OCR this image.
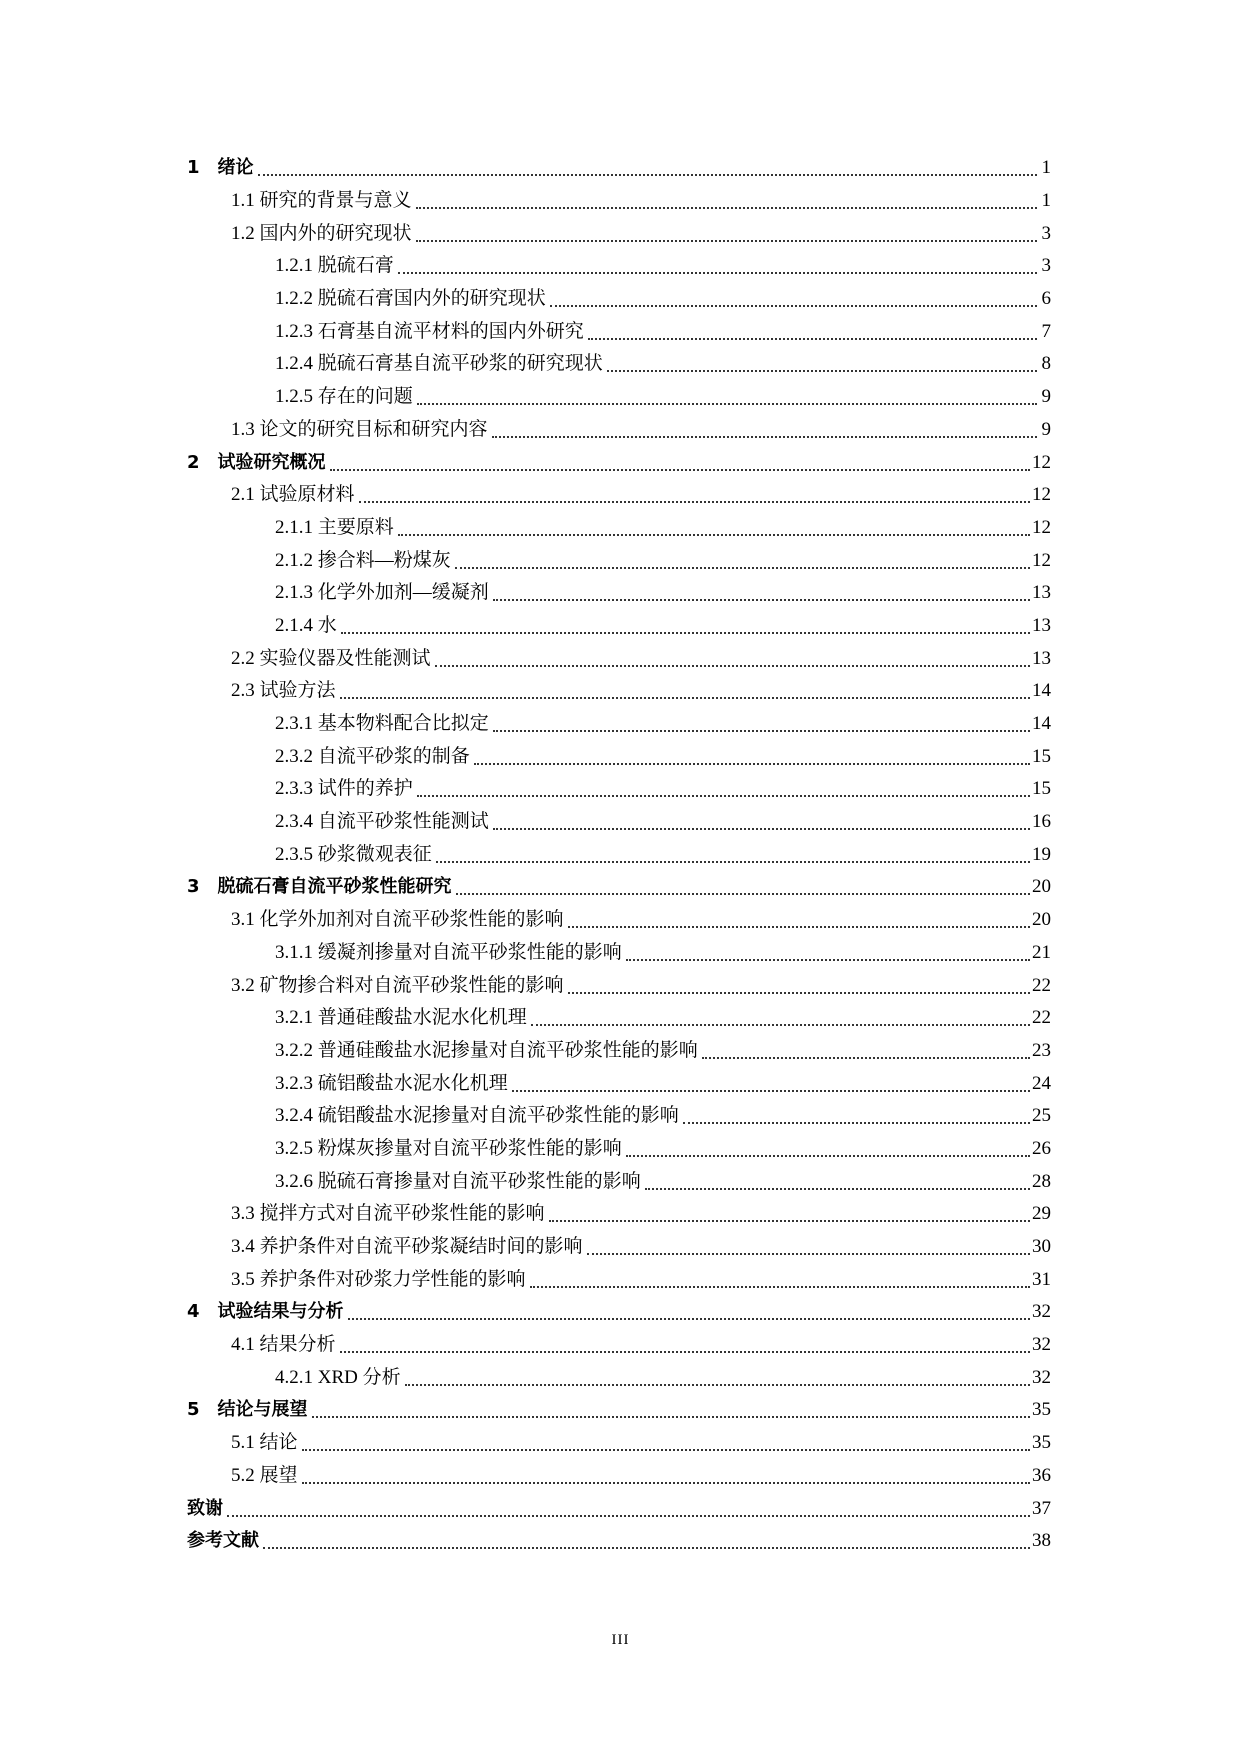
1　绪论	1
1.1 研究的背景与意义	1
1.2 国内外的研究现状	3
1.2.1 脱硫石膏	3
1.2.2 脱硫石膏国内外的研究现状	6
1.2.3 石膏基自流平材料的国内外研究	7
1.2.4 脱硫石膏基自流平砂浆的研究现状	8
1.2.5 存在的问题	9
1.3 论文的研究目标和研究内容	9
2　试验研究概况	12
2.1 试验原材料	12
2.1.1 主要原料	12
2.1.2 掺合料—粉煤灰	12
2.1.3 化学外加剂—缓凝剂	13
2.1.4 水	13
2.2 实验仪器及性能测试	13
2.3 试验方法	14
2.3.1 基本物料配合比拟定	14
2.3.2 自流平砂浆的制备	15
2.3.3 试件的养护	15
2.3.4 自流平砂浆性能测试	16
2.3.5 砂浆微观表征	19
3　脱硫石膏自流平砂浆性能研究	20
3.1 化学外加剂对自流平砂浆性能的影响	20
3.1.1 缓凝剂掺量对自流平砂浆性能的影响	21
3.2 矿物掺合料对自流平砂浆性能的影响	22
3.2.1 普通硅酸盐水泥水化机理	22
3.2.2 普通硅酸盐水泥掺量对自流平砂浆性能的影响	23
3.2.3 硫铝酸盐水泥水化机理	24
3.2.4 硫铝酸盐水泥掺量对自流平砂浆性能的影响	25
3.2.5 粉煤灰掺量对自流平砂浆性能的影响	26
3.2.6 脱硫石膏掺量对自流平砂浆性能的影响	28
3.3 搅拌方式对自流平砂浆性能的影响	29
3.4 养护条件对自流平砂浆凝结时间的影响	30
3.5 养护条件对砂浆力学性能的影响	31
4　试验结果与分析	32
4.1 结果分析	32
4.2.1 XRD 分析	32
5　结论与展望	35
5.1 结论	35
5.2 展望	36
致谢	37
参考文献	38
III
